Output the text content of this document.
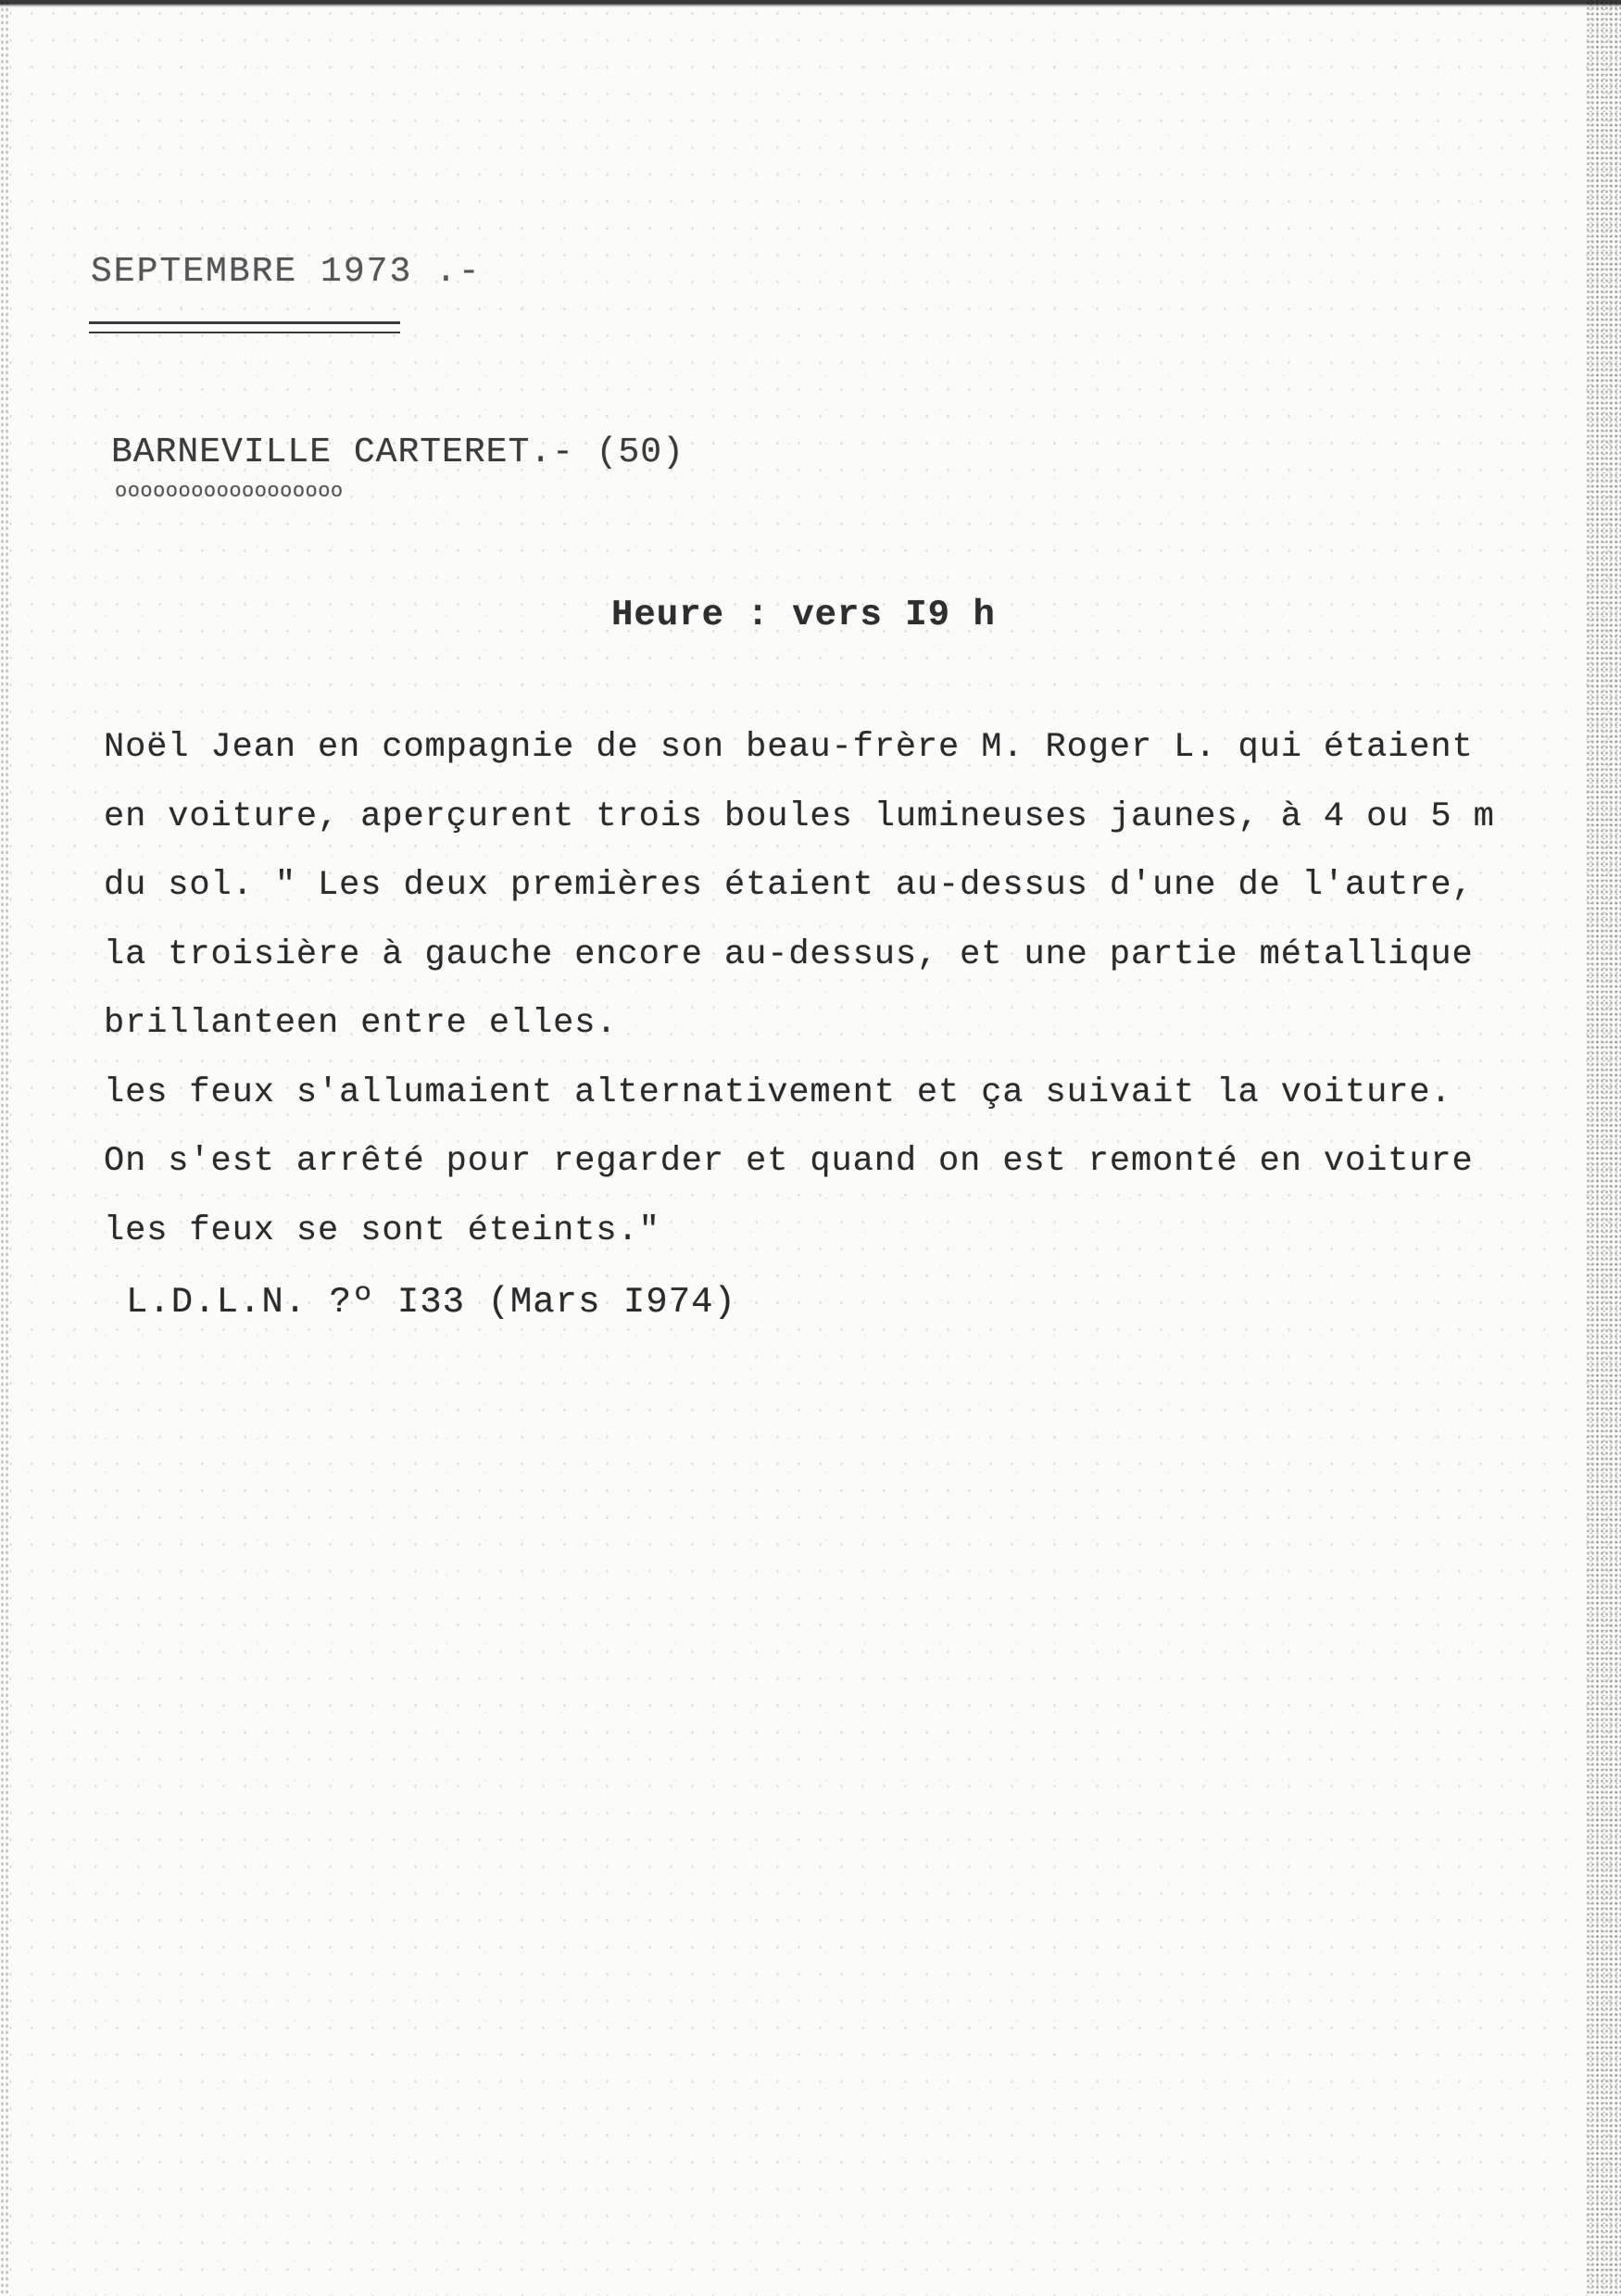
SEPTEMBRE 1973 .-
BARNEVILLE CARTERET.- (50)
oooooooooooooooooo
Heure : vers I9 h
Noël Jean en compagnie de son beau-frère M. Roger L. qui étaient
en voiture, aperçurent trois boules lumineuses jaunes, à 4 ou 5 m
du sol. " Les deux premières étaient au-dessus d'une de l'autre,
la troisière à gauche encore au-dessus, et une partie métallique
brillanteen entre elles.
les feux s'allumaient alternativement et ça suivait la voiture.
On s'est arrêté pour regarder et quand on est remonté en voiture
les feux se sont éteints."
L.D.L.N. ?º I33 (Mars I974)
